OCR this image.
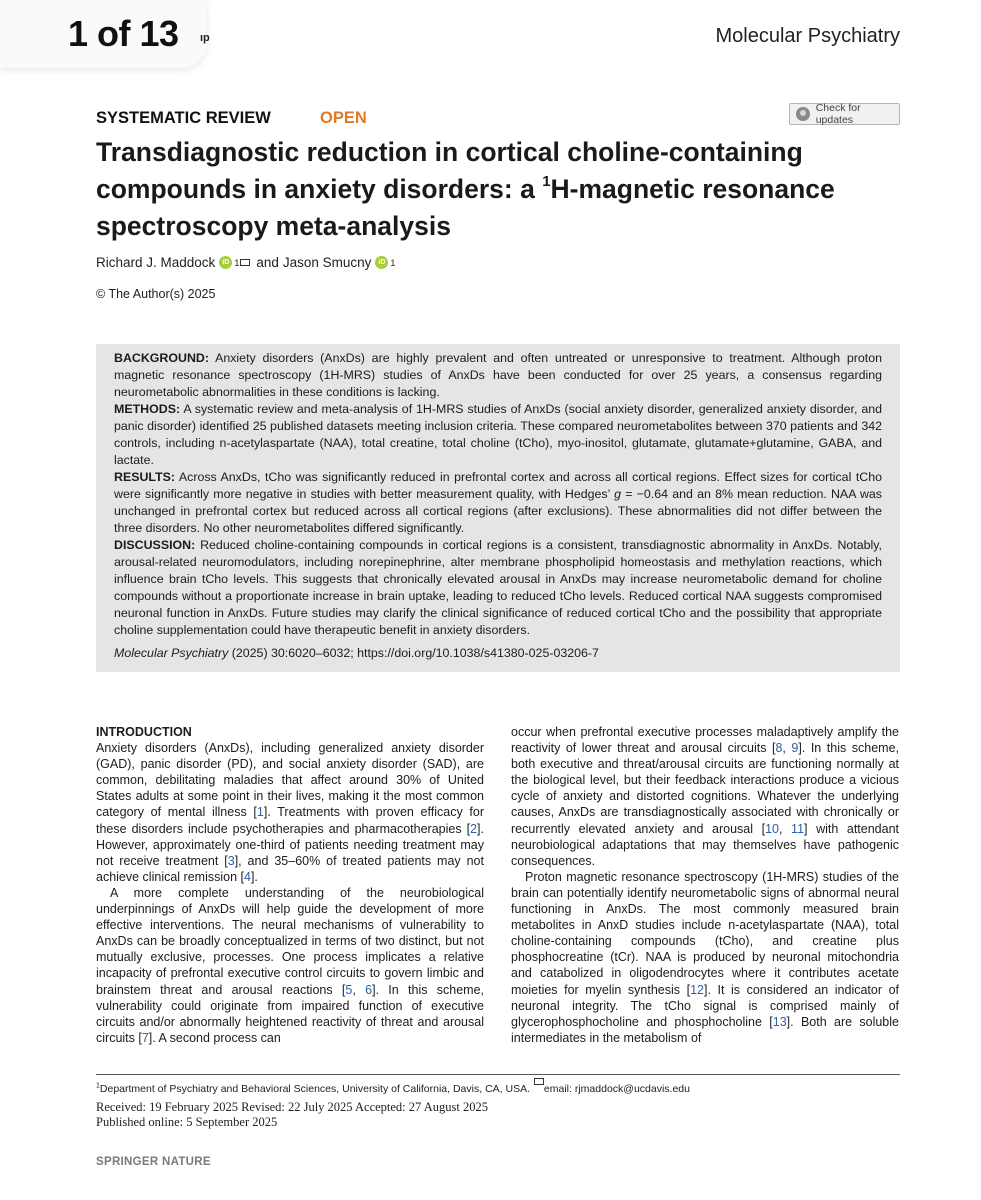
1 of 13 ıp	Molecular Psychiatry
SYSTEMATIC REVIEW	OPEN
Check for updates
Transdiagnostic reduction in cortical choline-containing compounds in anxiety disorders: a $^1$H-magnetic resonance spectroscopy meta-analysis
Richard J. Maddock	iD 1 and Jason Smucny	iD 1
© The Author(s) 2025

BACKGROUND: Anxiety disorders (AnxDs) are highly prevalent and often untreated or unresponsive to treatment. Although proton magnetic resonance spectroscopy (1H-MRS) studies of AnxDs have been conducted for over 25 years, a consensus regarding neurometabolic abnormalities in these conditions is lacking.

METHODS: A systematic review and meta-analysis of 1H-MRS studies of AnxDs (social anxiety disorder, generalized anxiety disorder, and panic disorder) identified 25 published datasets meeting inclusion criteria. These compared neurometabolites between 370 patients and 342 controls, including n-acetylaspartate (NAA), total creatine, total choline (tCho), myo-inositol, glutamate, glutamate+glutamine, GABA, and lactate.

RESULTS: Across AnxDs, tCho was significantly reduced in prefrontal cortex and across all cortical regions. Effect sizes for cortical tCho were significantly more negative in studies with better measurement quality, with Hedges’ g = −0.64 and an 8% mean reduction. NAA was unchanged in prefrontal cortex but reduced across all cortical regions (after exclusions). These abnormalities did not differ between the three disorders. No other neurometabolites differed significantly.

DISCUSSION: Reduced choline-containing compounds in cortical regions is a consistent, transdiagnostic abnormality in AnxDs. Notably, arousal-related neuromodulators, including norepinephrine, alter membrane phospholipid homeostasis and methylation reactions, which influence brain tCho levels. This suggests that chronically elevated arousal in AnxDs may increase neurometabolic demand for choline compounds without a proportionate increase in brain uptake, leading to reduced tCho levels. Reduced cortical NAA suggests compromised neuronal function in AnxDs. Future studies may clarify the clinical significance of reduced cortical tCho and the possibility that appropriate choline supplementation could have therapeutic benefit in anxiety disorders.

Molecular Psychiatry (2025) 30:6020–6032; https://doi.org/10.1038/s41380-025-03206-7

INTRODUCTION

Anxiety disorders (AnxDs), including generalized anxiety disorder (GAD), panic disorder (PD), and social anxiety disorder (SAD), are common, debilitating maladies that affect around 30% of United States adults at some point in their lives, making it the most common category of mental illness [1]. Treatments with proven efficacy for these disorders include psychotherapies and pharmacotherapies [2]. However, approximately one-third of patients needing treatment may not receive treatment [3], and 35–60% of treated patients may not achieve clinical remission [4].

A more complete understanding of the neurobiological underpinnings of AnxDs will help guide the development of more effective interventions. The neural mechanisms of vulnerability to AnxDs can be broadly conceptualized in terms of two distinct, but not mutually exclusive, processes. One process implicates a relative incapacity of prefrontal executive control circuits to govern limbic and brainstem threat and arousal reactions [5, 6]. In this scheme, vulnerability could originate from impaired function of executive circuits and/or abnormally heightened reactivity of threat and arousal circuits [7]. A second process can

occur when prefrontal executive processes maladaptively amplify the reactivity of lower threat and arousal circuits [8, 9]. In this scheme, both executive and threat/arousal circuits are functioning normally at the biological level, but their feedback interactions produce a vicious cycle of anxiety and distorted cognitions. Whatever the underlying causes, AnxDs are transdiagnostically associated with chronically or recurrently elevated anxiety and arousal [10, 11] with attendant neurobiological adaptations that may themselves have pathogenic consequences.

Proton magnetic resonance spectroscopy (1H-MRS) studies of the brain can potentially identify neurometabolic signs of abnormal neural functioning in AnxDs. The most commonly measured brain metabolites in AnxD studies include n-acetylaspartate (NAA), total choline-containing compounds (tCho), and creatine plus phosphocreatine (tCr). NAA is produced by neuronal mitochondria and catabolized in oligodendrocytes where it contributes acetate moieties for myelin synthesis [12]. It is considered an indicator of neuronal integrity. The tCho signal is comprised mainly of glycerophosphocholine and phosphocholine [13]. Both are soluble intermediates in the metabolism of

$^1$Department of Psychiatry and Behavioral Sciences, University of California, Davis, CA, USA. email: rjmaddock@ucdavis.edu
Received: 19 February 2025 Revised: 22 July 2025 Accepted: 27 August 2025
Published online: 5 September 2025
SPRINGER NATURE
